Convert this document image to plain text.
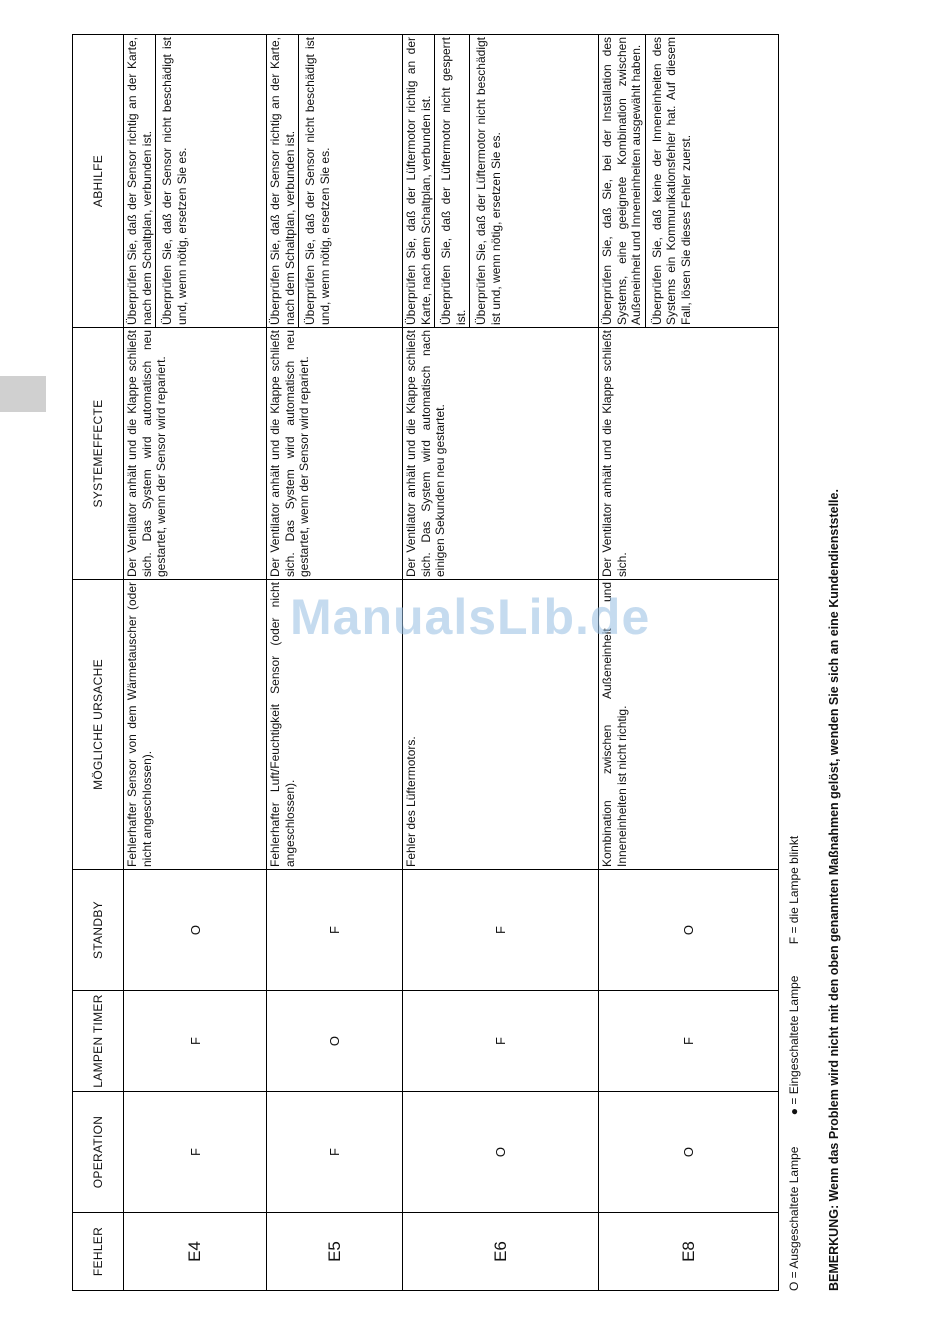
FEHLER	OPERATION	LAMPEN TIMER	STANDBY	MÖGLICHE URSACHE	SYSTEMEFFECTE	ABHILFE
E4	F	F	O	Fehlerhafter Sensor von dem Wärmetauscher (oder nicht angeschlossen).	Der Ventilator anhält und die Klappe schließt sich. Das System wird automatisch neu gestartet, wenn der Sensor wird repariert.	Überprüfen Sie, daß der Sensor richtig an der Karte, nach dem Schaltplan, verbunden ist. Überprüfen Sie, daß der Sensor nicht beschädigt ist und, wenn nötig, ersetzen Sie es.

E5	F	O	F	Fehlerhafter Luft/Feuchtigkeit Sensor (oder nicht angeschlossen).	Der Ventilator anhält und die Klappe schließt sich. Das System wird automatisch neu gestartet, wenn der Sensor wird repariert.	Überprüfen Sie, daß der Sensor richtig an der Karte, nach dem Schaltplan, verbunden ist. Überprüfen Sie, daß der Sensor nicht beschädigt ist und, wenn nötig, ersetzen Sie es.

E6	O	F	F	Fehler des Lüftermotors.	Der Ventilator anhält und die Klappe schließt sich. Das System wird automatisch nach einigen Sekunden neu gestartet.	Überprüfen Sie, daß der Lüftermotor richtig an der Karte, nach dem Schaltplan, verbunden ist. Überprüfen Sie, daß der Lüftermotor nicht gesperrt ist. Überprüfen Sie, daß der Lüftermotor nicht beschädigt ist und, wenn nötig, ersetzen Sie es.

E8	O	F	O	Kombination zwischen Außeneinheit und Inneneinheiten ist nicht richtig.	Der Ventilator anhält und die Klappe schließt sich.	Überprüfen Sie, daß Sie, bei der Installation des Systems, eine geeignete Kombination zwischen Außeneinheit und Inneneinheiten ausgewählt haben. Überprüfen Sie, daß keine der Inneneinheiten des Systems ein Kommunikationsfehler hat. Auf diesem Fall, lösen Sie dieses Fehler zuerst.
O = Ausgeschaltete Lampe ● = Eingeschaltete Lampe F = die Lampe blinkt BEMERKUNG: Wenn das Problem wird nicht mit den oben genannten Maßnahmen gelöst, wenden Sie sich an eine Kundendienststelle.
ManualsLib.de
